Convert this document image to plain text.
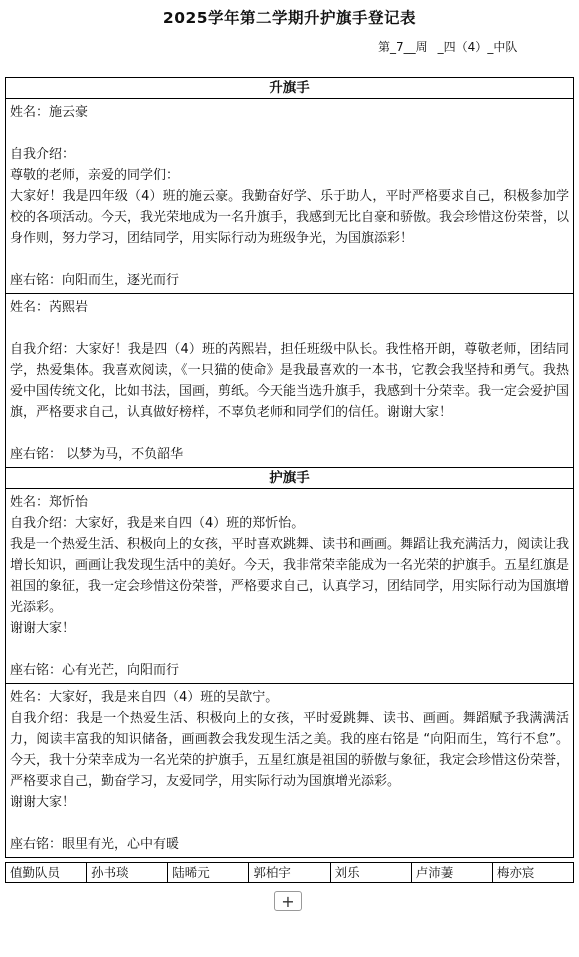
2025学年第二学期升护旗手登记表
第_7__周 _四（4）_中队
升旗手

姓名：施云豪

自我介绍：

尊敬的老师，亲爱的同学们：

大家好！我是四年级（4）班的施云豪。我勤奋好学、乐于助人，平时严格要求自己，积极参加学校的各项活动。今天，我光荣地成为一名升旗手，我感到无比自豪和骄傲。我会珍惜这份荣誉，以身作则，努力学习，团结同学，用实际行动为班级争光，为国旗添彩！

座右铭：向阳而生，逐光而行

姓名：芮熙岩

自我介绍：大家好！我是四（4）班的芮熙岩，担任班级中队长。我性格开朗，尊敬老师，团结同学，热爱集体。我喜欢阅读，《一只猫的使命》是我最喜欢的一本书，它教会我坚持和勇气。我热爱中国传统文化，比如书法，国画，剪纸。今天能当选升旗手，我感到十分荣幸。我一定会爱护国旗，严格要求自己，认真做好榜样，不辜负老师和同学们的信任。谢谢大家！

座右铭： 以梦为马，不负韶华

护旗手

姓名：郑忻怡

自我介绍：大家好，我是来自四（4）班的郑忻怡。

我是一个热爱生活、积极向上的女孩，平时喜欢跳舞、读书和画画。舞蹈让我充满活力，阅读让我增长知识，画画让我发现生活中的美好。今天，我非常荣幸能成为一名光荣的护旗手。五星红旗是祖国的象征，我一定会珍惜这份荣誉，严格要求自己，认真学习，团结同学，用实际行动为国旗增光添彩。

谢谢大家！

座右铭：心有光芒，向阳而行

姓名：大家好，我是来自四（4）班的吴歆宁。

自我介绍：我是一个热爱生活、积极向上的女孩，平时爱跳舞、读书、画画。舞蹈赋予我满满活力，阅读丰富我的知识储备，画画教会我发现生活之美。我的座右铭是 “向阳而生，笃行不怠”。今天，我十分荣幸成为一名光荣的护旗手，五星红旗是祖国的骄傲与象征，我定会珍惜这份荣誉，严格要求自己，勤奋学习，友爱同学，用实际行动为国旗增光添彩。

谢谢大家！

座右铭：眼里有光，心中有暖

值勤队员	孙书琰	陆晞元	郭柏宇	刘乐	卢沛萋	梅亦宸
+
